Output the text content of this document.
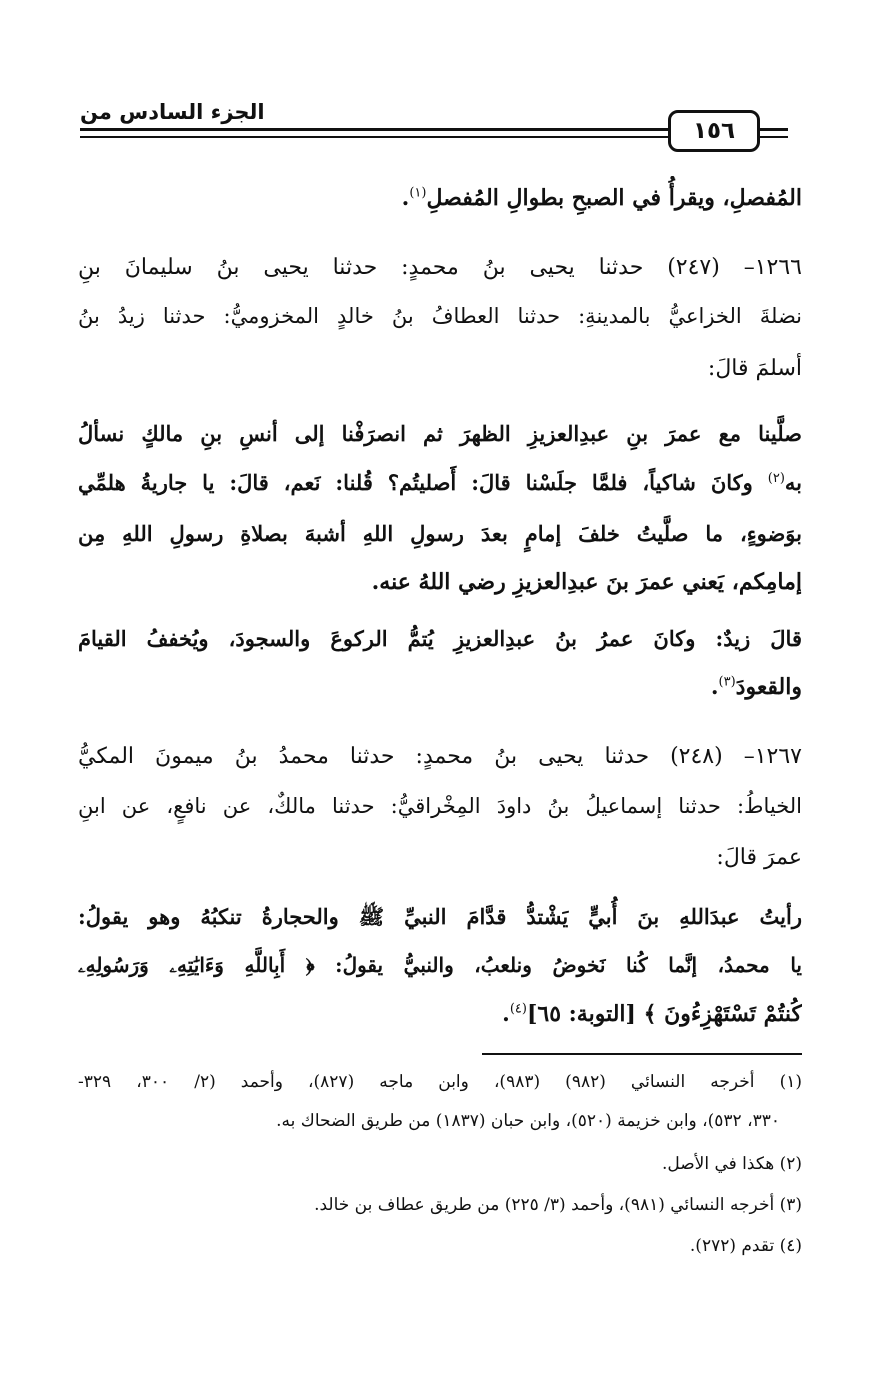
الجزء السادس من
١٥٦
المُفصلِ، ويقرأُ في الصبحِ بطوالِ المُفصلِ$^{(١)}$.
١٢٦٦– (٢٤٧) حدثنا يحيى بنُ محمدٍ: حدثنا يحيى بنُ سليمانَ بنِ
نضلةَ الخزاعيُّ بالمدينةِ: حدثنا العطافُ بنُ خالدٍ المخزوميُّ: حدثنا زيدُ بنُ
أسلمَ قالَ:
صلَّينا مع عمرَ بنِ عبدِالعزيزِ الظهرَ ثم انصرَفْنا إلى أنسِ بنِ مالكٍ نسألُ
به$^{(٢)}$ وكانَ شاكياً، فلمَّا جلَسْنا قالَ: أَصليتُم؟ قُلنا: نَعم، قالَ: يا جاريةُ هلمِّي
بوَضوءٍ، ما صلَّيتُ خلفَ إمامٍ بعدَ رسولِ اللهِ أشبهَ بصلاةِ رسولِ اللهِ مِن
إمامِكم، يَعني عمرَ بنَ عبدِالعزيزِ رضي اللهُ عنه.
قالَ زيدٌ: وكانَ عمرُ بنُ عبدِالعزيزِ يُتمُّ الركوعَ والسجودَ، ويُخففُ القيامَ
والقعودَ$^{(٣)}$.
١٢٦٧– (٢٤٨) حدثنا يحيى بنُ محمدٍ: حدثنا محمدُ بنُ ميمونَ المكيُّ
الخياطُ: حدثنا إسماعيلُ بنُ داودَ المِخْراقيُّ: حدثنا مالكٌ، عن نافعٍ، عن ابنِ
عمرَ قالَ:
رأيتُ عبدَاللهِ بنَ أُبيٍّ يَشْتدُّ قدَّامَ النبيِّ ﷺ والحجارةُ تنكبُهُ وهو يقولُ:
يا محمدُ، إنَّما كُنا نَخوضُ ونلعبُ، والنبيُّ يقولُ: ﴿ أَبِاللَّهِ وَءَايَٰتِهِۦ وَرَسُولِهِۦ
كُنتُمْ تَسْتَهْزِءُونَ ﴾ [التوبة: ٦٥]$^{(٤)}$.
(١) أخرجه النسائي (٩٨٢) (٩٨٣)، وابن ماجه (٨٢٧)، وأحمد (٢/ ٣٠٠، ٣٢٩-
٣٣٠، ٥٣٢)، وابن خزيمة (٥٢٠)، وابن حبان (١٨٣٧) من طريق الضحاك به.
(٢) هكذا في الأصل.
(٣) أخرجه النسائي (٩٨١)، وأحمد (٣/ ٢٢٥) من طريق عطاف بن خالد.
(٤) تقدم (٢٧٢).
